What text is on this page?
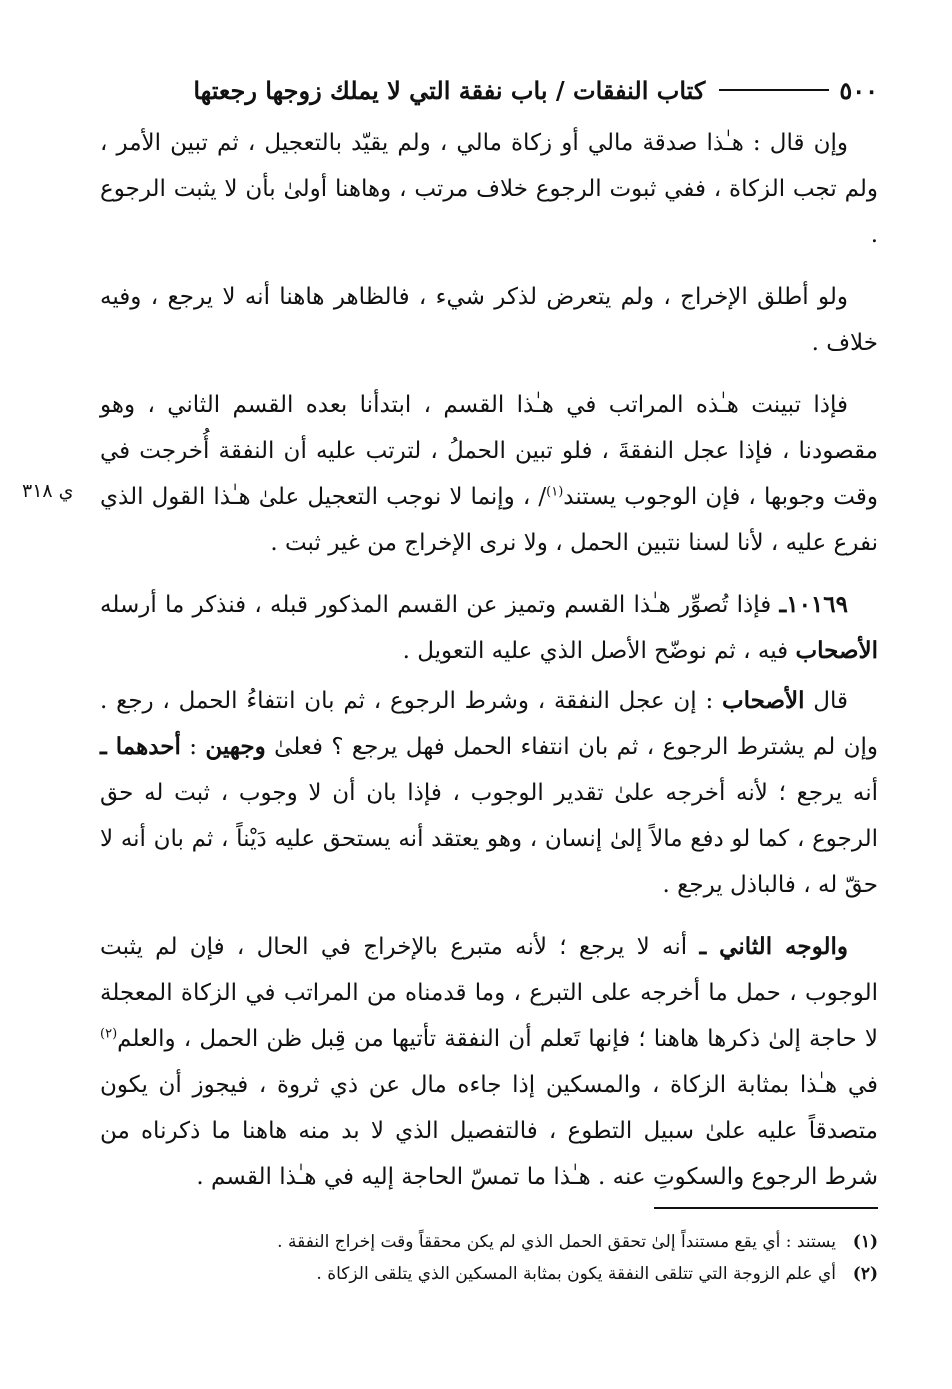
٥٠٠
كتاب النفقات / باب نفقة التي لا يملك زوجها رجعتها
ي ٣١٨

وإن قال : هـٰذا صدقة مالي أو زكاة مالي ، ولم يقيّد بالتعجيل ، ثم تبين الأمر ، ولم تجب الزكاة ، ففي ثبوت الرجوع خلاف مرتب ، وهاهنا أولىٰ بأن لا يثبت الرجوع .

ولو أطلق الإخراج ، ولم يتعرض لذكر شيء ، فالظاهر هاهنا أنه لا يرجع ، وفيه خلاف .

فإذا تبينت هـٰذه المراتب في هـٰذا القسم ، ابتدأنا بعده القسم الثاني ، وهو مقصودنا ، فإذا عجل النفقةَ ، فلو تبين الحملُ ، لترتب عليه أن النفقة أُخرجت في وقت وجوبها ، فإن الوجوب يستند$^{(١)}$/ ، وإنما لا نوجب التعجيل علىٰ هـٰذا القول الذي نفرع عليه ، لأنا لسنا نتبين الحمل ، ولا نرى الإخراج من غير ثبت .

١٠١٦٩ـ فإذا تُصوِّر هـٰذا القسم وتميز عن القسم المذكور قبله ، فنذكر ما أرسله الأصحاب فيه ، ثم نوضّح الأصل الذي عليه التعويل .

قال الأصحاب : إن عجل النفقة ، وشرط الرجوع ، ثم بان انتفاءُ الحمل ، رجع . وإن لم يشترط الرجوع ، ثم بان انتفاء الحمل فهل يرجع ؟ فعلىٰ وجهين : أحدهما ـ أنه يرجع ؛ لأنه أخرجه علىٰ تقدير الوجوب ، فإذا بان أن لا وجوب ، ثبت له حق الرجوع ، كما لو دفع مالاً إلىٰ إنسان ، وهو يعتقد أنه يستحق عليه دَيْناً ، ثم بان أنه لا حقّ له ، فالباذل يرجع .

والوجه الثاني ـ أنه لا يرجع ؛ لأنه متبرع بالإخراج في الحال ، فإن لم يثبت الوجوب ، حمل ما أخرجه على التبرع ، وما قدمناه من المراتب في الزكاة المعجلة لا حاجة إلىٰ ذكرها هاهنا ؛ فإنها تَعلم أن النفقة تأتيها من قِبل ظن الحمل ، والعلم$^{(٢)}$ في هـٰذا بمثابة الزكاة ، والمسكين إذا جاءه مال عن ذي ثروة ، فيجوز أن يكون متصدقاً عليه علىٰ سبيل التطوع ، فالتفصيل الذي لا بد منه هاهنا ما ذكرناه من شرط الرجوع والسكوتِ عنه . هـٰذا ما تمسّ الحاجة إليه في هـٰذا القسم .

(١)
يستند : أي يقع مستنداً إلىٰ تحقق الحمل الذي لم يكن محققاً وقت إخراج النفقة .
(٢)
أي علم الزوجة التي تتلقى النفقة يكون بمثابة المسكين الذي يتلقى الزكاة .
